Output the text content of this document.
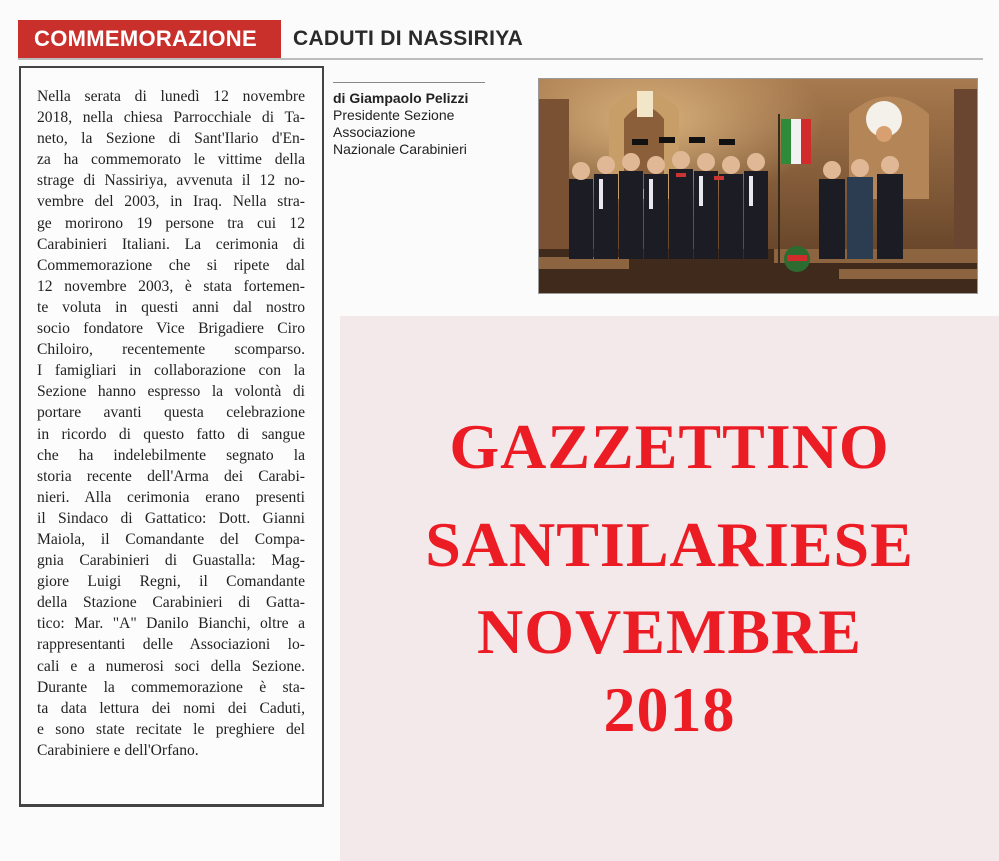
COMMEMORAZIONE	CADUTI DI NASSIRIYA
Nella serata di lunedì 12 novembre
2018, nella chiesa Parrocchiale di Ta-
neto, la Sezione di Sant'Ilario d'En-
za ha commemorato le vittime della
strage di Nassiriya, avvenuta il 12 no-
vembre del 2003, in Iraq. Nella stra-
ge morirono 19 persone tra cui 12
Carabinieri Italiani. La cerimonia di
Commemorazione che si ripete dal
12 novembre 2003, è stata fortemen-
te voluta in questi anni dal nostro
socio fondatore Vice Brigadiere Ciro
Chiloiro, recentemente scomparso.
I famigliari in collaborazione con la
Sezione hanno espresso la volontà di
portare avanti questa celebrazione
in ricordo di questo fatto di sangue
che ha indelebilmente segnato la
storia recente dell'Arma dei Carabi-
nieri. Alla cerimonia erano presenti
il Sindaco di Gattatico: Dott. Gianni
Maiola, il Comandante del Compa-
gnia Carabinieri di Guastalla: Mag-
giore Luigi Regni, il Comandante
della Stazione Carabinieri di Gatta-
tico: Mar. "A" Danilo Bianchi, oltre a
rappresentanti delle Associazioni lo-
cali e a numerosi soci della Sezione.
Durante la commemorazione è sta-
ta data lettura dei nomi dei Caduti,
e sono state recitate le preghiere del
Carabiniere e dell'Orfano.
di Giampaolo Pelizzi
Presidente Sezione
Associazione
Nazionale Carabinieri
GAZZETTINO
SANTILARIESE
NOVEMBRE
2018
